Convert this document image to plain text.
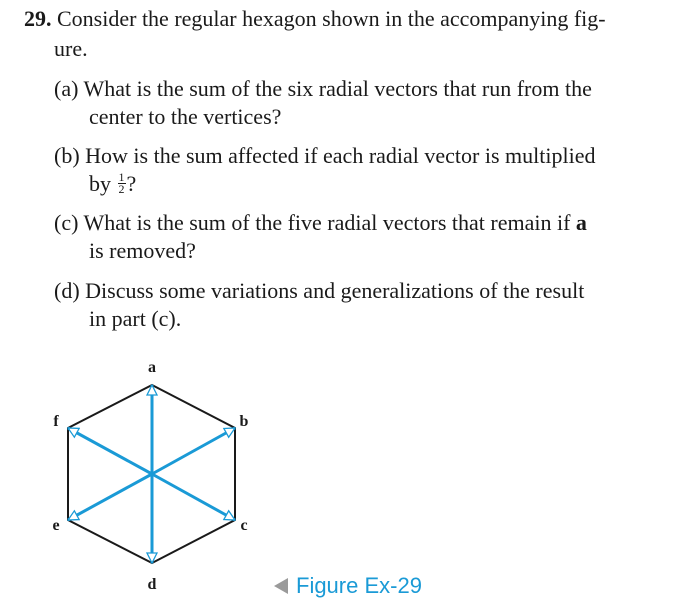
29. Consider the regular hexagon shown in the accompanying fig-
ure.
(a) What is the sum of the six radial vectors that run from the
center to the vertices?
(b) How is the sum affected if each radial vector is multiplied
by $\frac{1}{2}$ ?
(c) What is the sum of the five radial vectors that remain if a
is removed?
(d) Discuss some variations and generalizations of the result
in part (c).
a
b
c
d
e
f
Figure Ex-29
